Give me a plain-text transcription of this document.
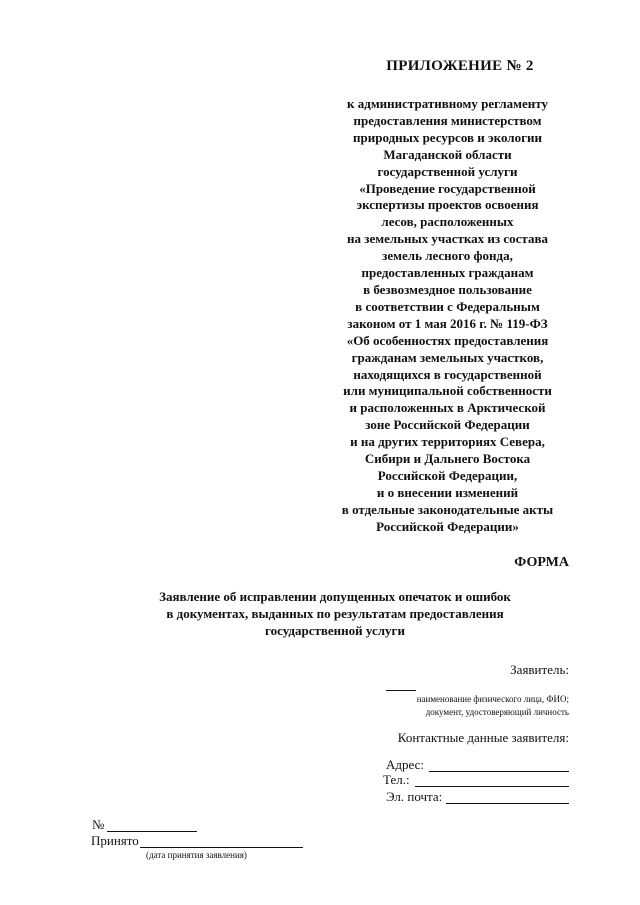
ПРИЛОЖЕНИЕ № 2
к административному регламенту
предоставления министерством
природных ресурсов и экологии
Магаданской области
государственной услуги
«Проведение государственной
экспертизы проектов освоения
лесов, расположенных
на земельных участках из состава
земель лесного фонда,
предоставленных гражданам
в безвозмездное пользование
в соответствии с Федеральным
законом от 1 мая 2016 г. № 119-ФЗ
«Об особенностях предоставления
гражданам земельных участков,
находящихся в государственной
или муниципальной собственности
и расположенных в Арктической
зоне Российской Федерации
и на других территориях Севера,
Сибири и Дальнего Востока
Российской Федерации,
и о внесении изменений
в отдельные законодательные акты
Российской Федерации»
ФОРМА
Заявление об исправлении допущенных опечаток и ошибок
в документах, выданных по результатам предоставления
государственной услуги
Заявитель:
наименование физического лица, ФИО;
документ, удостоверяющий личность
Контактные данные заявителя:
Адрес:
Тел.:
Эл. почта:
№
Принято
(дата принятия заявления)
